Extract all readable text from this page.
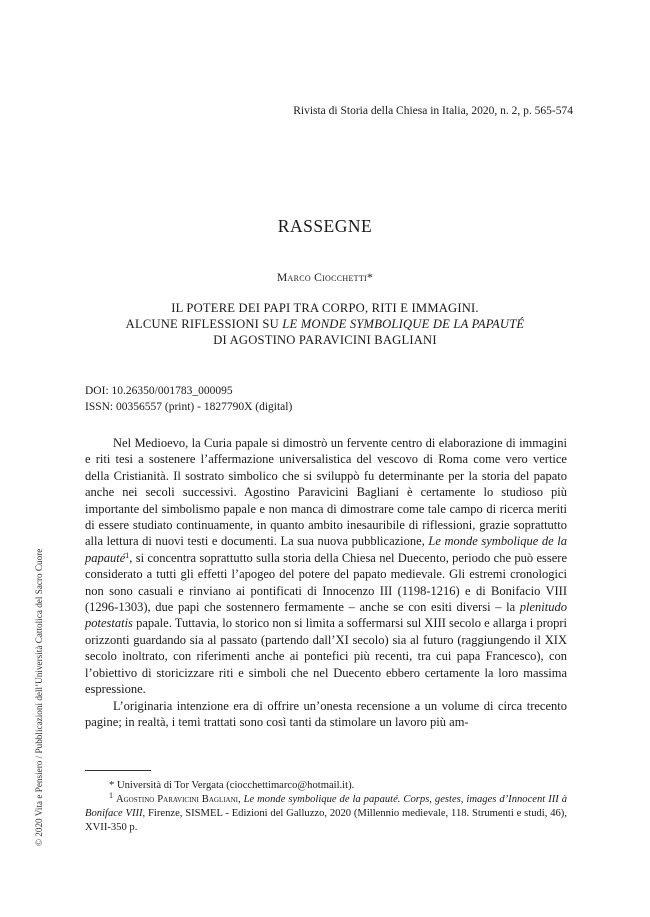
Rivista di Storia della Chiesa in Italia, 2020, n. 2, p. 565-574
RASSEGNE
Marco Ciocchetti*
IL POTERE DEI PAPI TRA CORPO, RITI E IMMAGINI.
ALCUNE RIFLESSIONI SU LE MONDE SYMBOLIQUE DE LA PAPAUTÉ
DI AGOSTINO PARAVICINI BAGLIANI
DOI: 10.26350/001783_000095
ISSN: 00356557 (print) - 1827790X (digital)

Nel Medioevo, la Curia papale si dimostrò un fervente centro di elaborazione di immagini e riti tesi a sostenere l’affermazione universalistica del vescovo di Roma come vero vertice della Cristianità. Il sostrato simbolico che si sviluppò fu determinante per la storia del papato anche nei secoli successivi. Agostino Paravicini Bagliani è certamente lo studioso più importante del simbolismo papale e non manca di dimostrare come tale campo di ricerca meriti di essere studiato continuamente, in quanto ambito inesauribile di riflessioni, grazie soprattutto alla lettura di nuovi testi e documenti. La sua nuova pubblicazione, Le monde symbolique de la papauté$^1$, si concentra soprattutto sulla storia della Chiesa nel Duecento, periodo che può essere considerato a tutti gli effetti l’apogeo del potere del papato medievale. Gli estremi cronologici non sono casuali e rinviano ai pontificati di Innocenzo III (1198-1216) e di Bonifacio VIII (1296-1303), due papi che sostennero fermamente – anche se con esiti diversi – la plenitudo potestatis papale. Tuttavia, lo storico non si limita a soffermarsi sul XIII secolo e allarga i propri orizzonti guardando sia al passato (partendo dall’XI secolo) sia al futuro (raggiungendo il XIX secolo inoltrato, con riferimenti anche ai pontefici più recenti, tra cui papa Francesco), con l’obiettivo di storicizzare riti e simboli che nel Duecento ebbero certamente la loro massima espressione.

L’originaria intenzione era di offrire un’onesta recensione a un volume di circa trecento pagine; in realtà, i temi trattati sono così tanti da stimolare un lavoro più am-

* Università di Tor Vergata (ciocchettimarco@hotmail.it).

$^1$ Agostino Paravicini Bagliani, Le monde symbolique de la papauté. Corps, gestes, images d’Innocent III à Boniface VIII, Firenze, SISMEL - Edizioni del Galluzzo, 2020 (Millennio medievale, 118. Strumenti e studi, 46), XVII-350 p.

© 2020 Vita e Pensiero / Pubblicazioni dell’Università Cattolica del Sacro Cuore
